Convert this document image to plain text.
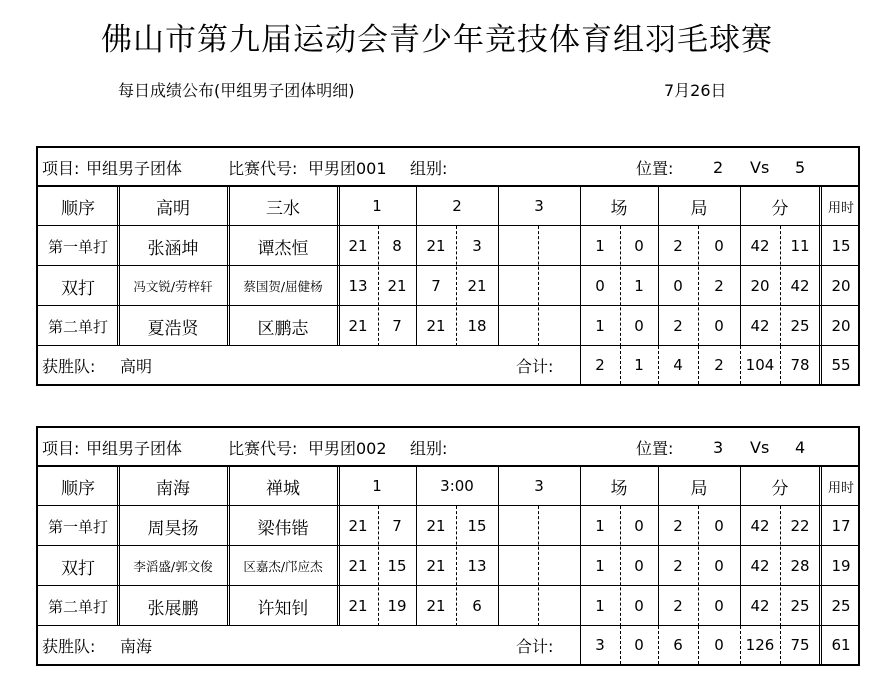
佛山市第九届运动会青少年竞技体育组羽毛球赛
每日成绩公布(甲组男子团体明细)	7月26日
项目: 甲组男子团体	比赛代号: 甲男团001 组别:	位置: 2 Vs 5
顺序	高明	三水	1	2	3	场	局	分	用时
第一单打	张涵坤	谭杰恒	21	8	21	3	1	0	2	0	42	11	15
双打	冯文锐/劳梓轩	蔡国贺/屈健杨	13	21	7	21	0	1	0	2	20	42	20
第二单打	夏浩贤	区鹏志	21	7	21	18	1	0	2	0	42	25	20
获胜队: 高明	合计:	2	1	4	2	104	78	55
项目: 甲组男子团体	比赛代号: 甲男团002 组别:	位置: 3 Vs 4
顺序	南海	禅城	1	3:00	3	场	局	分	用时
第一单打	周昊扬	梁伟锴	21	7	21	15	1	0	2	0	42	22	17
双打	李滔盛/郭文俊	区嘉杰/邝应杰	21	15	21	13	1	0	2	0	42	28	19
第二单打	张展鹏	许知钊	21	19	21	6	1	0	2	0	42	25	25
获胜队: 南海	合计:	3	0	6	0	126	75	61
